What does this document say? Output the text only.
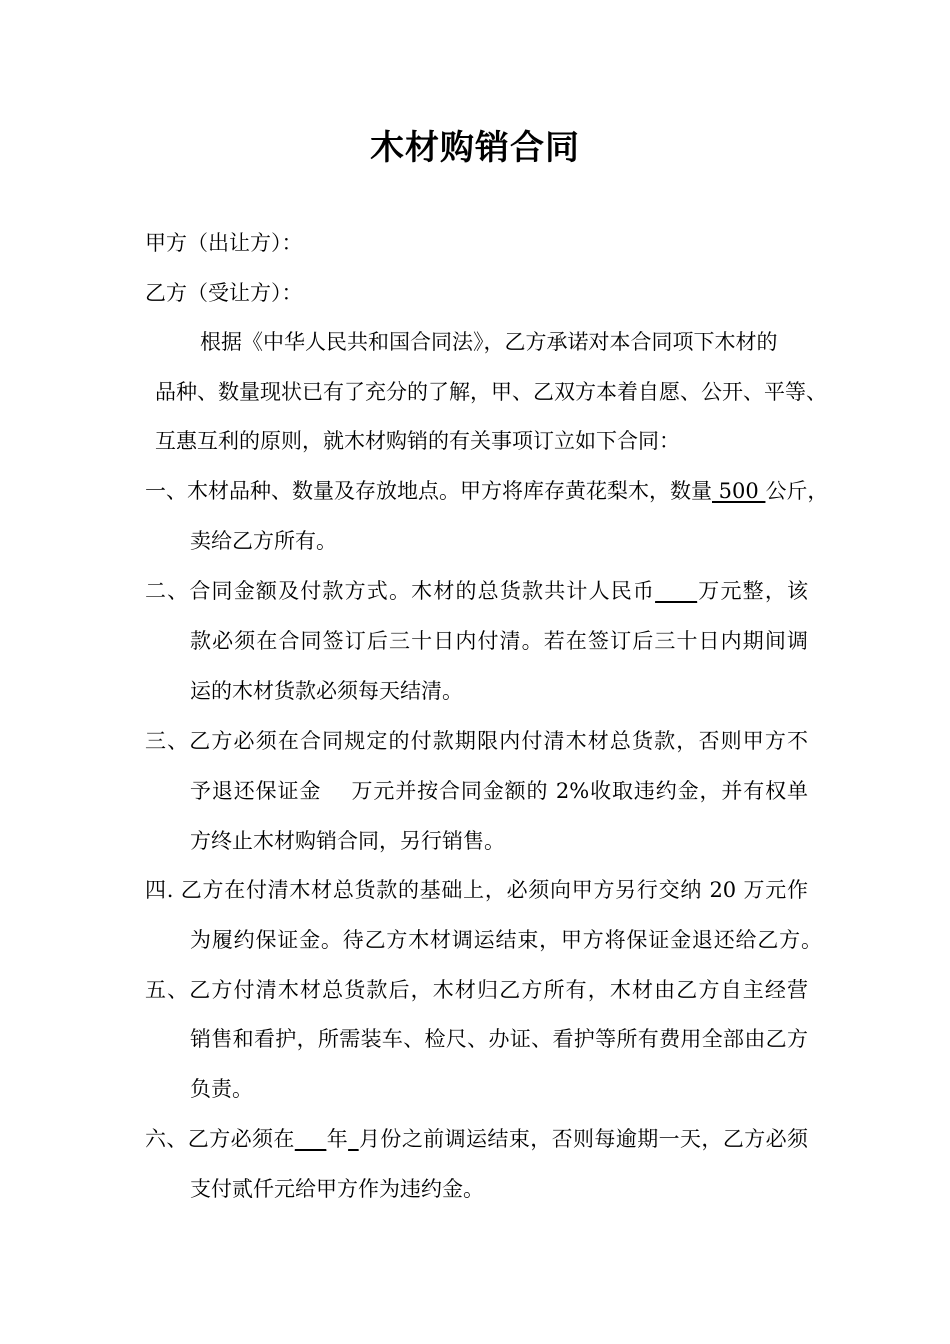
木材购销合同
甲方（出让方）：
乙方（受让方）：
根据《中华人民共和国合同法》，乙方承诺对本合同项下木材的
品种、数量现状已有了充分的了解，甲、乙双方本着自愿、公开、平等、
互惠互利的原则，就木材购销的有关事项订立如下合同：
一、木材品种、数量及存放地点。甲方将库存黄花梨木，数量 500 公斤，
卖给乙方所有。
二、合同金额及付款方式。木材的总货款共计人民币____万元整，该
款必须在合同签订后三十日内付清。若在签订后三十日内期间调
运的木材货款必须每天结清。
三、乙方必须在合同规定的付款期限内付清木材总货款，否则甲方不
予退还保证金    万元并按合同金额的 2%收取违约金，并有权单
方终止木材购销合同，另行销售。
四. 乙方在付清木材总货款的基础上，必须向甲方另行交纳 20 万元作
为履约保证金。待乙方木材调运结束，甲方将保证金退还给乙方。
五、乙方付清木材总货款后，木材归乙方所有，木材由乙方自主经营
销售和看护，所需装车、检尺、办证、看护等所有费用全部由乙方
负责。
六、乙方必须在___年_月份之前调运结束，否则每逾期一天，乙方必须
支付贰仟元给甲方作为违约金。
